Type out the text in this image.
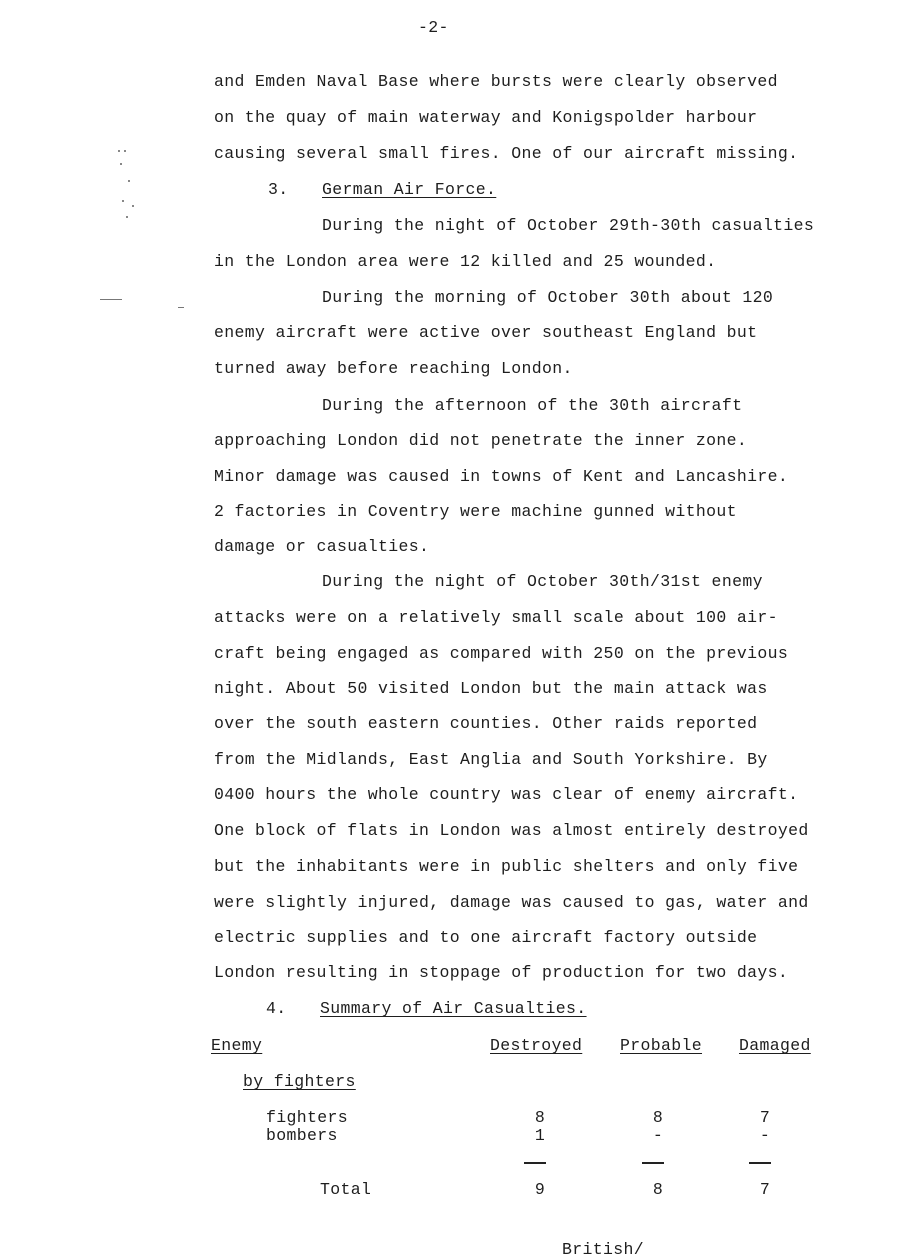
-2-
and Emden Naval Base where bursts were clearly observed
on the quay of main waterway and Konigspolder harbour
causing several small fires. One of our aircraft missing.
3. German Air Force.
During the night of October 29th-30th casualties
in the London area were 12 killed and 25 wounded.
During the morning of October 30th about 120
enemy aircraft were active over southeast England but
turned away before reaching London.
During the afternoon of the 30th aircraft
approaching London did not penetrate the inner zone.
Minor damage was caused in towns of Kent and Lancashire.
2 factories in Coventry were machine gunned without
damage or casualties.
During the night of October 30th/31st enemy
attacks were on a relatively small scale about 100 air-
craft being engaged as compared with 250 on the previous
night. About 50 visited London but the main attack was
over the south eastern counties. Other raids reported
from the Midlands, East Anglia and South Yorkshire. By
0400 hours the whole country was clear of enemy aircraft.
One block of flats in London was almost entirely destroyed
but the inhabitants were in public shelters and only five
were slightly injured, damage was caused to gas, water and
electric supplies and to one aircraft factory outside
London resulting in stoppage of production for two days.
4. Summary of Air Casualties.
Enemy	Destroyed Probable Damaged
by fighters
fighters	8	8	7
bombers	1	-	-
Total	9	8	7
British/
